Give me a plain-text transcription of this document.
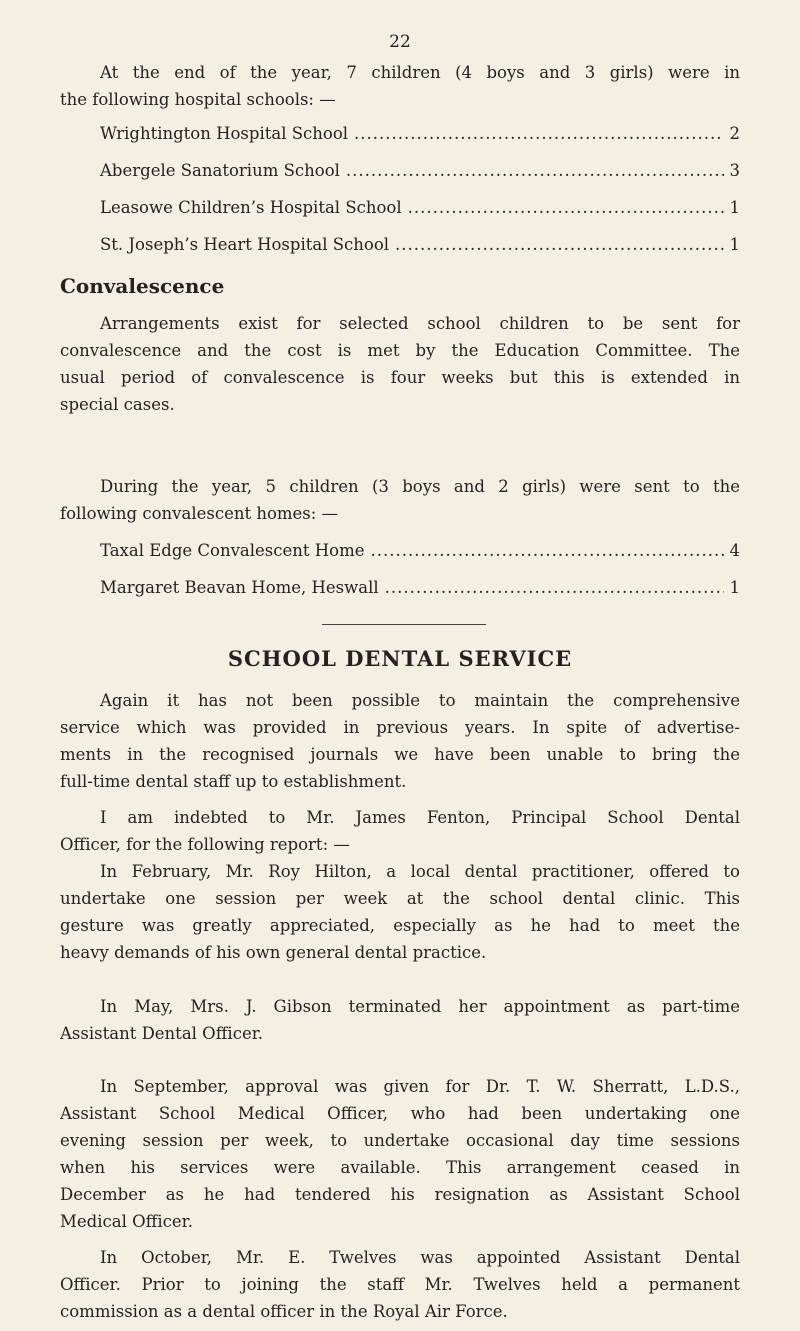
22
At the end of the year, 7 children (4 boys and 3 girls) were in
the following hospital schools: —
Wrightington Hospital School .....	2
Abergele Sanatorium School .....	3
Leasowe Children’s Hospital School .....	1
St. Joseph’s Heart Hospital School .....	1
Arrangements exist for selected school children to be sent for
convalescence and the cost is met by the Education Committee. The
usual period of convalescence is four weeks but this is extended in
special cases.
During the year, 5 children (3 boys and 2 girls) were sent to the
following convalescent homes: —
Taxal Edge Convalescent Home .....	4
Margaret Beavan Home, Heswall .....	1
Again it has not been possible to maintain the comprehensive
service which was provided in previous years. In spite of advertise-
ments in the recognised journals we have been unable to bring the
full-time dental staff up to establishment.
I am indebted to Mr. James Fenton, Principal School Dental
Officer, for the following report: —
In February, Mr. Roy Hilton, a local dental practitioner, offered to
undertake one session per week at the school dental clinic. This
gesture was greatly appreciated, especially as he had to meet the
heavy demands of his own general dental practice.
In May, Mrs. J. Gibson terminated her appointment as part-time
Assistant Dental Officer.
In September, approval was given for Dr. T. W. Sherratt, L.D.S.,
Assistant School Medical Officer, who had been undertaking one
evening session per week, to undertake occasional day time sessions
when his services were available. This arrangement ceased in
December as he had tendered his resignation as Assistant School
Medical Officer.
In October, Mr. E. Twelves was appointed Assistant Dental
Officer. Prior to joining the staff Mr. Twelves held a permanent
commission as a dental officer in the Royal Air Force.
Convalescence
SCHOOL DENTAL SERVICE
